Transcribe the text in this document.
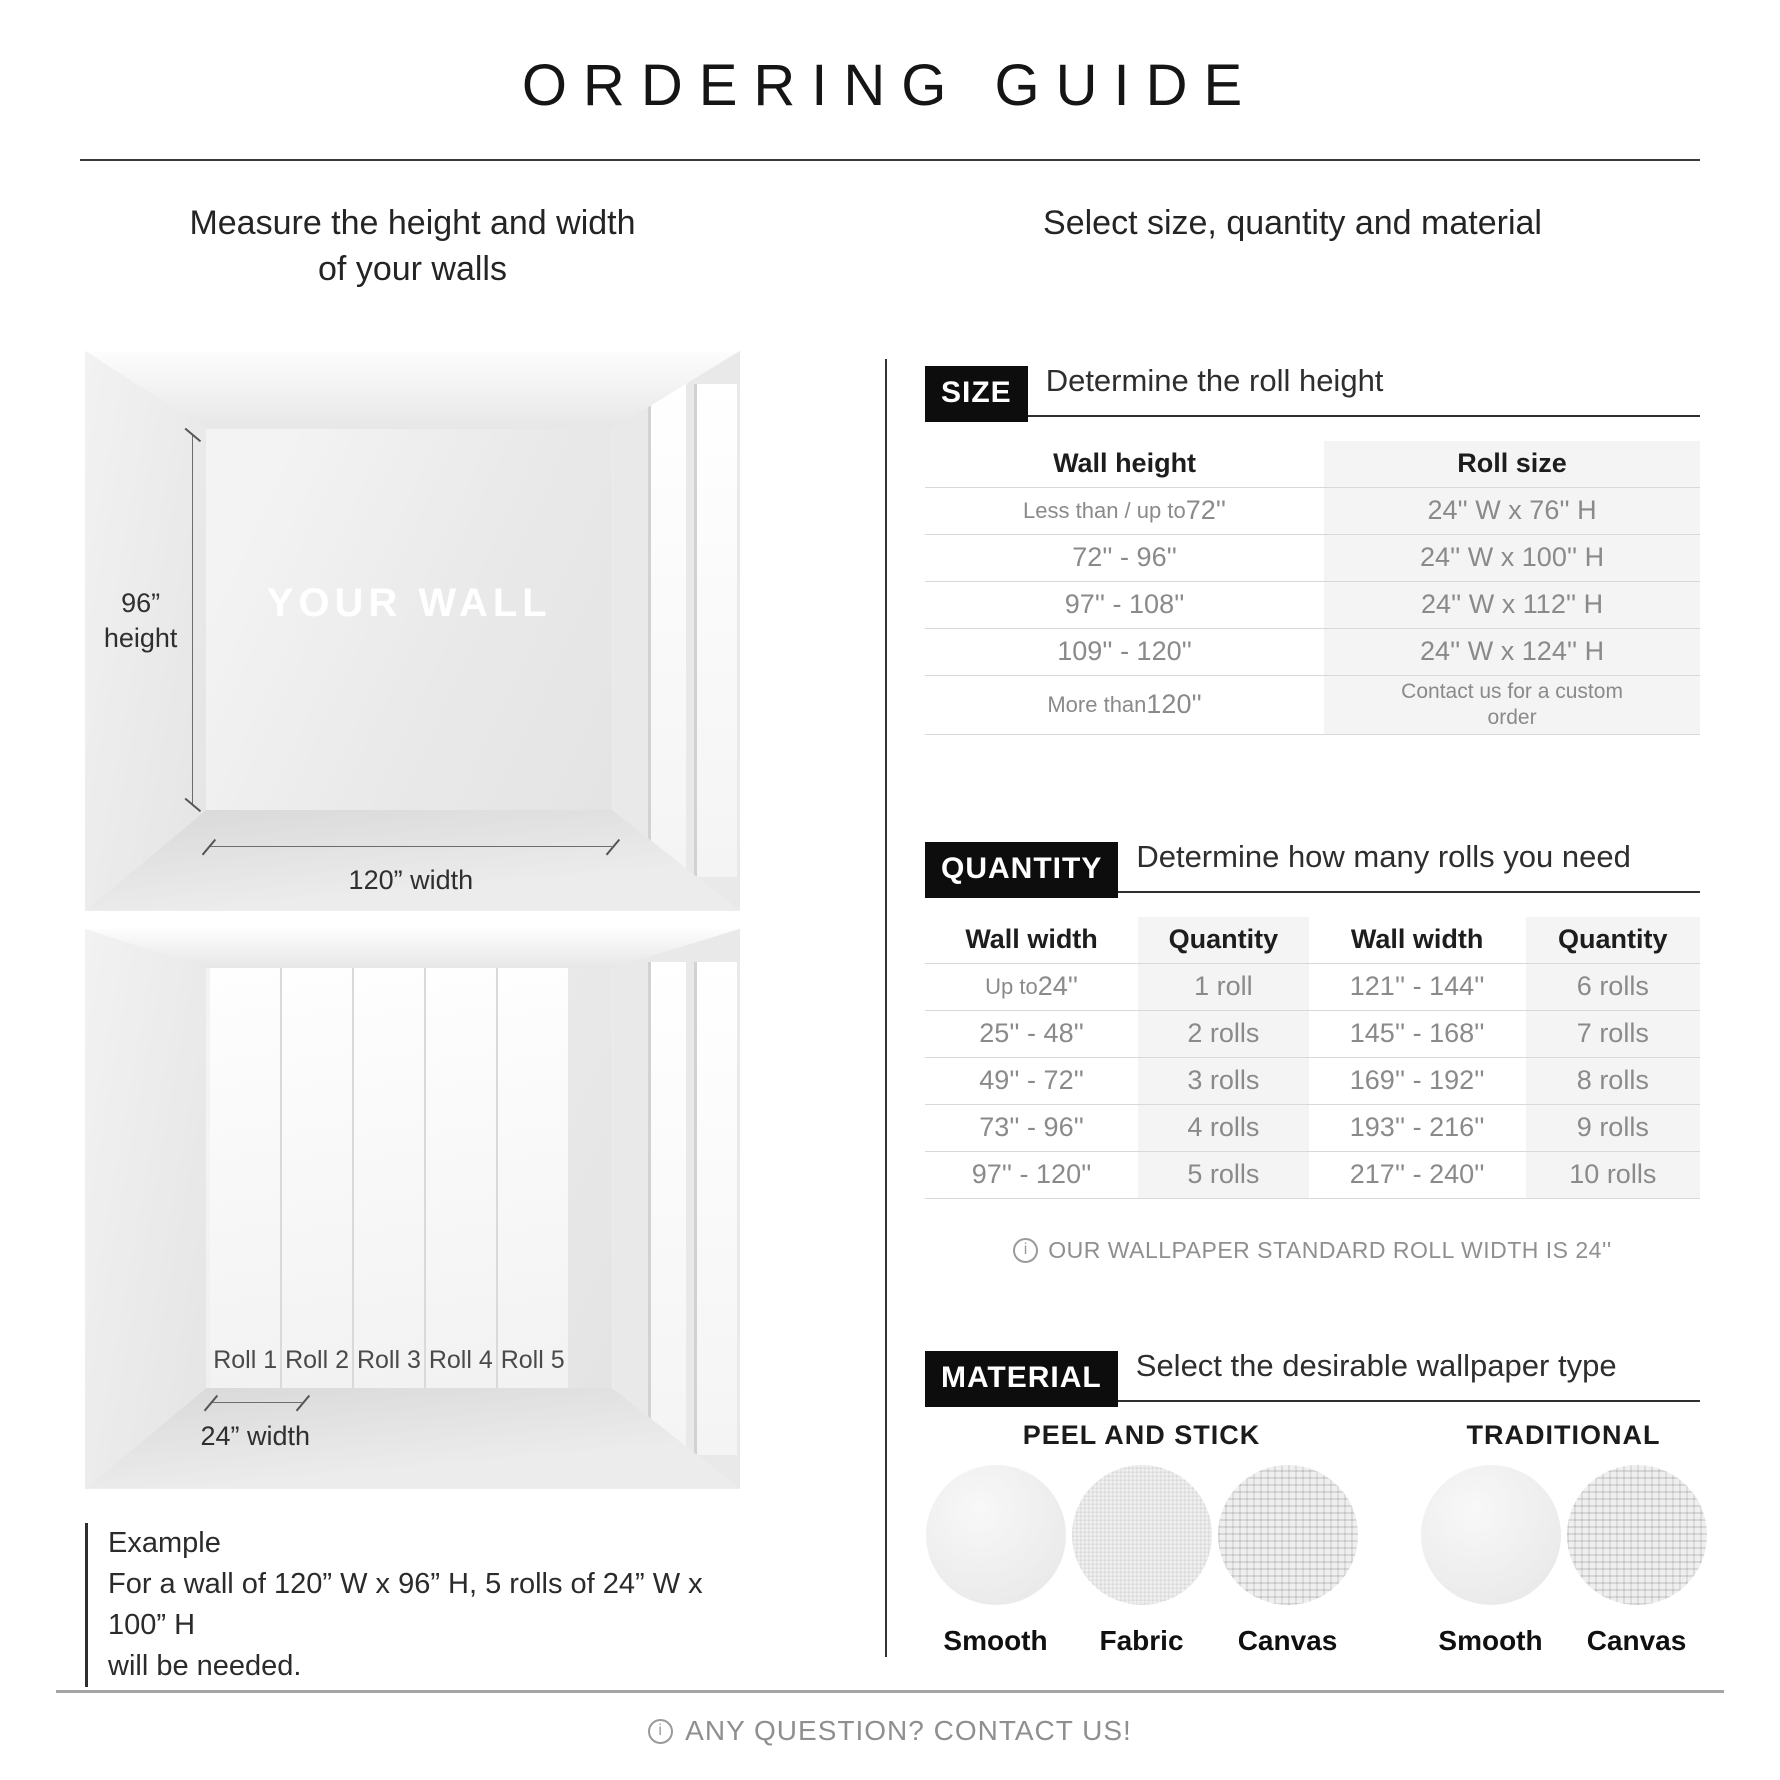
ORDERING GUIDE
Measure the height and width
of your walls
YOUR WALL
96”
height
120” width
Roll 1 Roll 2 Roll 3 Roll 4 Roll 5
24” width
Example
For a wall of 120” W x 96” H, 5 rolls of 24” W x 100” H
will be needed.
Select size, quantity and material
SIZE	Determine the roll height
Wall height	Roll size
Less than / up to 72''	24'' W x 76'' H
72'' - 96''	24'' W x 100'' H
97'' - 108''	24'' W x 112'' H
109'' - 120''	24'' W x 124'' H
More than 120''	Contact us for a custom order
QUANTITY	Determine how many rolls you need
Wall width	Quantity	Wall width	Quantity
Up to 24''	1 roll	121'' - 144''	6 rolls
25'' - 48''	2 rolls	145'' - 168''	7 rolls
49'' - 72''	3 rolls	169'' - 192''	8 rolls
73'' - 96''	4 rolls	193'' - 216''	9 rolls
97'' - 120''	5 rolls	217'' - 240''	10 rolls
i OUR WALLPAPER STANDARD ROLL WIDTH IS 24''
MATERIAL	Select the desirable wallpaper type
PEEL AND STICK
Smooth Fabric Canvas
TRADITIONAL
Smooth Canvas
i ANY QUESTION? CONTACT US!
